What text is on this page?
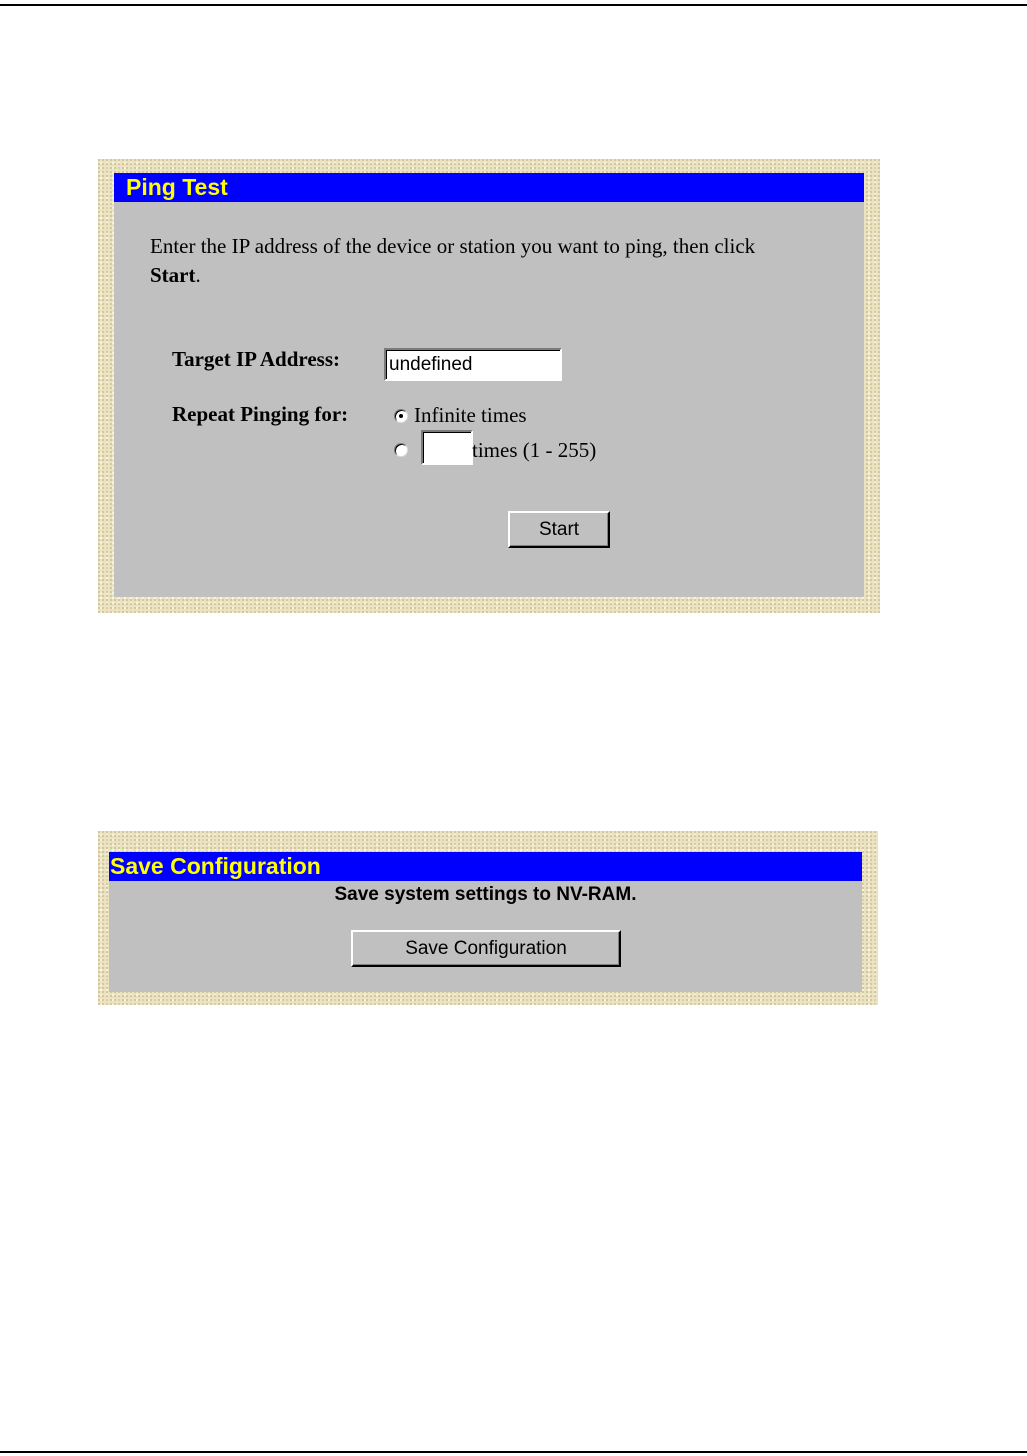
Ping Test
Enter the IP address of the device or station you want to ping, then click
Start.
Target IP Address:
undefined
Repeat Pinging for:	Infinite times
times (1 - 255)
Start
Save Configuration
Save system settings to NV-RAM.
Save Configuration
